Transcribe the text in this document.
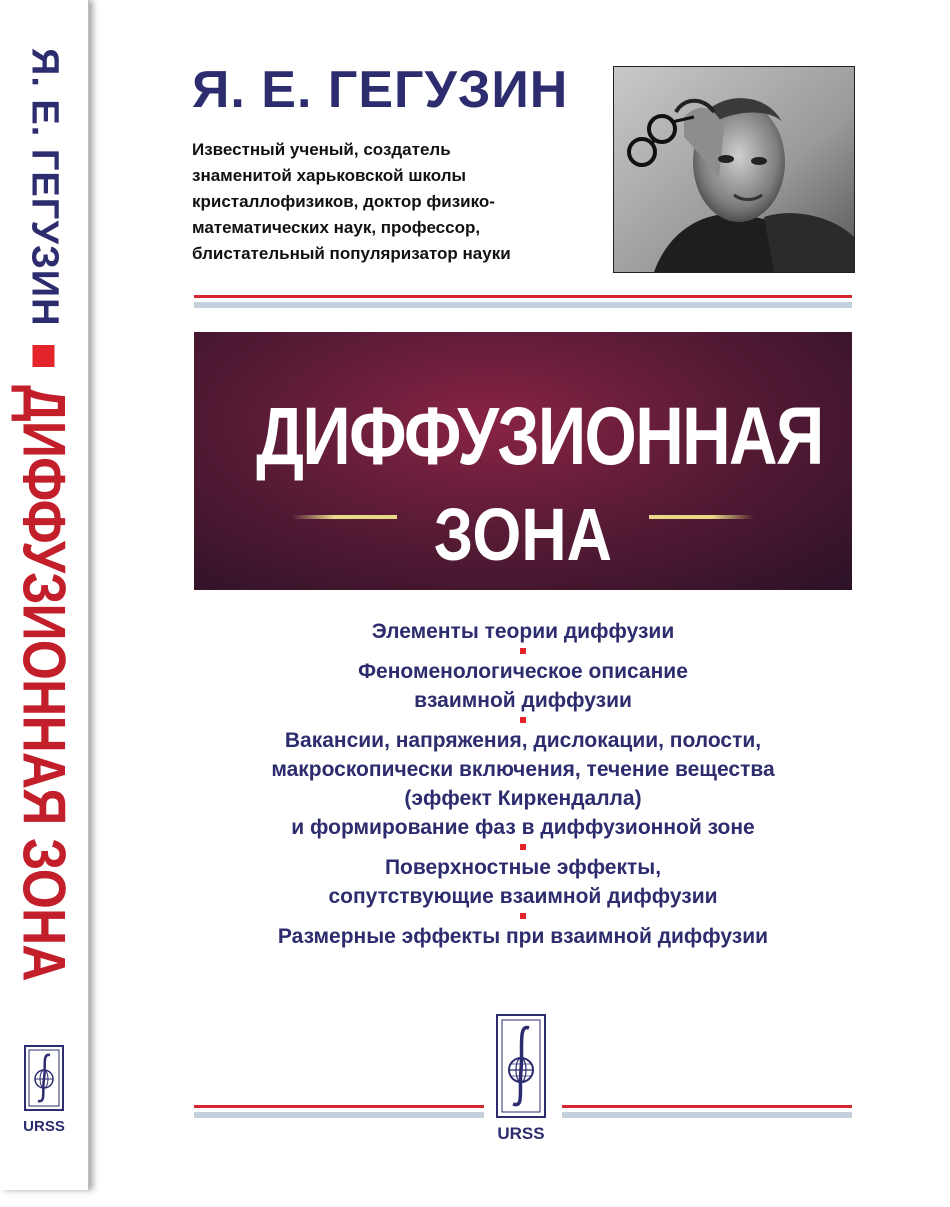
Я. Е. ГЕГУЗИН
ДИФФУЗИОННАЯ ЗОНА
URSS
Я. Е. ГЕГУЗИН
Известный ученый, создатель
знаменитой харьковской школы
кристаллофизиков, доктор физико-
математических наук, профессор,
блистательный популяризатор науки
ДИФФУЗИОННАЯ
ЗОНА
Элементы теории диффузии
Феноменологическое описание
взаимной диффузии
Вакансии, напряжения, дислокации, полости,
макроскопически включения, течение вещества
(эффект Киркендалла)
и формирование фаз в диффузионной зоне
Поверхностные эффекты,
сопутствующие взаимной диффузии
Размерные эффекты при взаимной диффузии
URSS
